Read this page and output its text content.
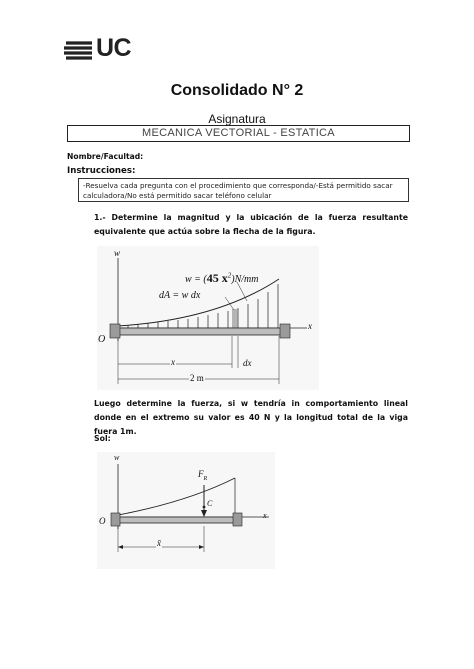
UC
Consolidado N° 2
Asignatura
MECANICA VECTORIAL - ESTATICA
Nombre/Facultad:
Instrucciones:
-Resuelva cada pregunta con el procedimiento que corresponda/-Está permitido sacar calculadora/No está permitido sacar teléfono celular
1.- Determine la magnitud y la ubicación de la fuerza resultante equivalente que actúa sobre la flecha de la figura.
w
w = (45 $x^2)N/mm$
dA = w dx
O
x
x	dx
2 m
Luego determine la fuerza, si w tendría in comportamiento lineal donde en el extremo su valor es 40 N y la longitud total de la viga fuera 1m.
Sol:
w
$F_R$
C
O
x
x̄
